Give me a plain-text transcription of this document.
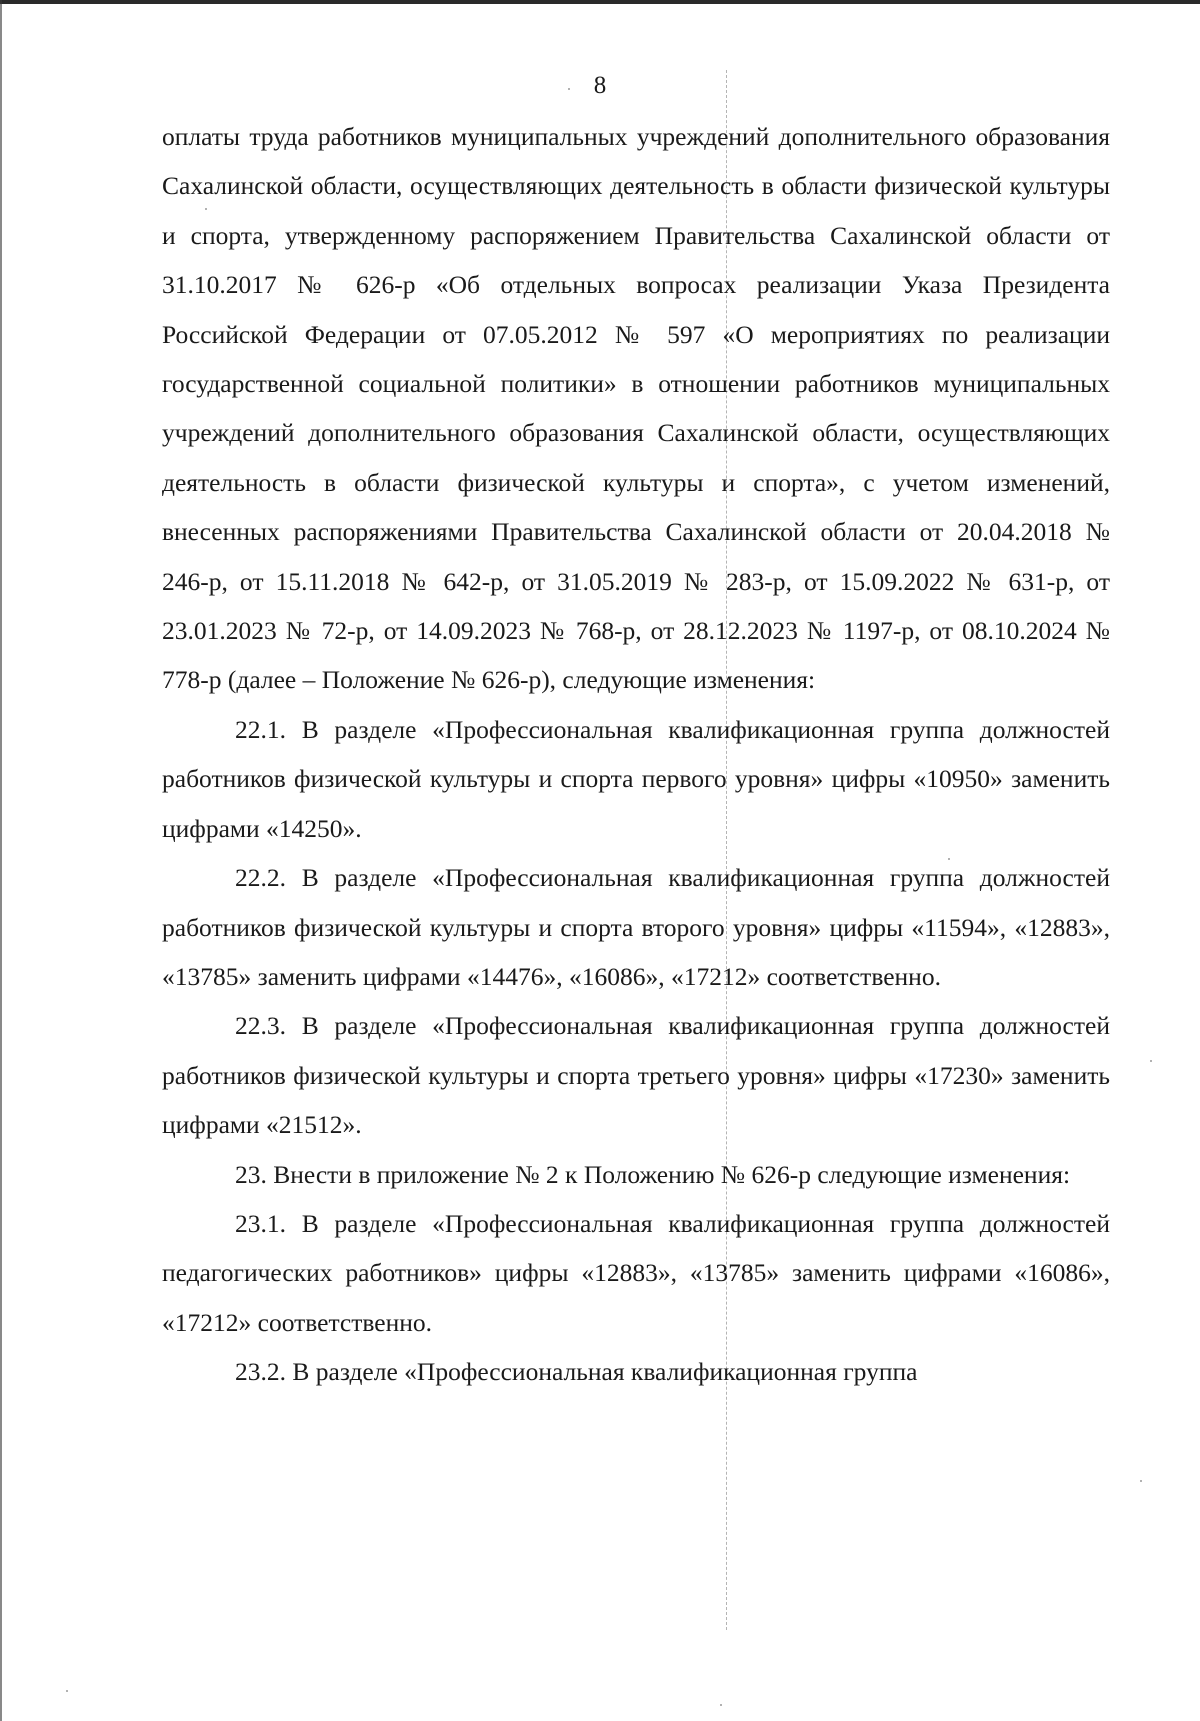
8

оплаты труда работников муниципальных учреждений дополнительного образования Сахалинской области, осуществляющих деятельность в области физической культуры и спорта, утвержденному распоряжением Правительства Сахалинской области от 31.10.2017 № 626-р «Об отдельных вопросах реализации Указа Президента Российской Федерации от 07.05.2012 № 597 «О мероприятиях по реализации государственной социальной политики» в отношении работников муниципальных учреждений дополнительного образования Сахалинской области, осуществляющих деятельность в области физической культуры и спорта», с учетом изменений, внесенных распоряжениями Правительства Сахалинской области от 20.04.2018 № 246-р, от 15.11.2018 № 642-р, от 31.05.2019 № 283-р, от 15.09.2022 № 631-р, от 23.01.2023 № 72-р, от 14.09.2023 № 768-р, от 28.12.2023 № 1197-р, от 08.10.2024 № 778-р (далее – Положение № 626-р), следующие изменения:

22.1. В разделе «Профессиональная квалификационная группа должностей работников физической культуры и спорта первого уровня» цифры «10950» заменить цифрами «14250».

22.2. В разделе «Профессиональная квалификационная группа должностей работников физической культуры и спорта второго уровня» цифры «11594», «12883», «13785» заменить цифрами «14476», «16086», «17212» соответственно.

22.3. В разделе «Профессиональная квалификационная группа должностей работников физической культуры и спорта третьего уровня» цифры «17230» заменить цифрами «21512».

23. Внести в приложение № 2 к Положению № 626-р следующие изменения:

23.1. В разделе «Профессиональная квалификационная группа должностей педагогических работников» цифры «12883», «13785» заменить цифрами «16086», «17212» соответственно.

23.2. В разделе «Профессиональная квалификационная группа
